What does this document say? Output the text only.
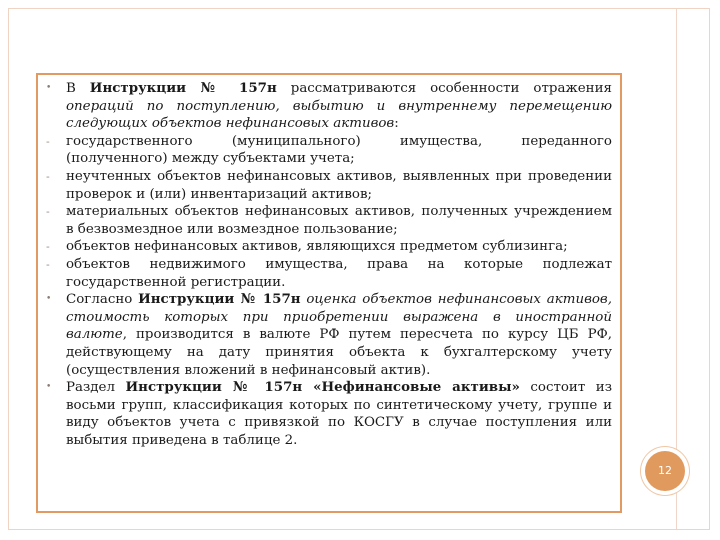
• В Инструкции № 157н рассматриваются особенности отражения операций по поступлению, выбытию и внутреннему перемещению следующих объектов нефинансовых активов:
- государственного (муниципального) имущества, переданного (полученного) между субъектами учета;
- неучтенных объектов нефинансовых активов, выявленных при проведении проверок и (или) инвентаризаций активов;
- материальных объектов нефинансовых активов, полученных учреждением в безвозмездное или возмездное пользование;
- объектов нефинансовых активов, являющихся предметом сублизинга;
- объектов недвижимого имущества, права на которые подлежат государственной регистрации.
• Согласно Инструкции № 157н оценка объектов нефинансовых активов, стоимость которых при приобретении выражена в иностранной валюте, производится в валюте РФ путем пересчета по курсу ЦБ РФ, действующему на дату принятия объекта к бухгалтерскому учету (осуществления вложений в нефинансовый актив).
• Раздел Инструкции № 157н «Нефинансовые активы» состоит из восьми групп, классификация которых по синтетическому учету, группе и виду объектов учета с привязкой по КОСГУ в случае поступления или выбытия приведена в таблице 2.
12
